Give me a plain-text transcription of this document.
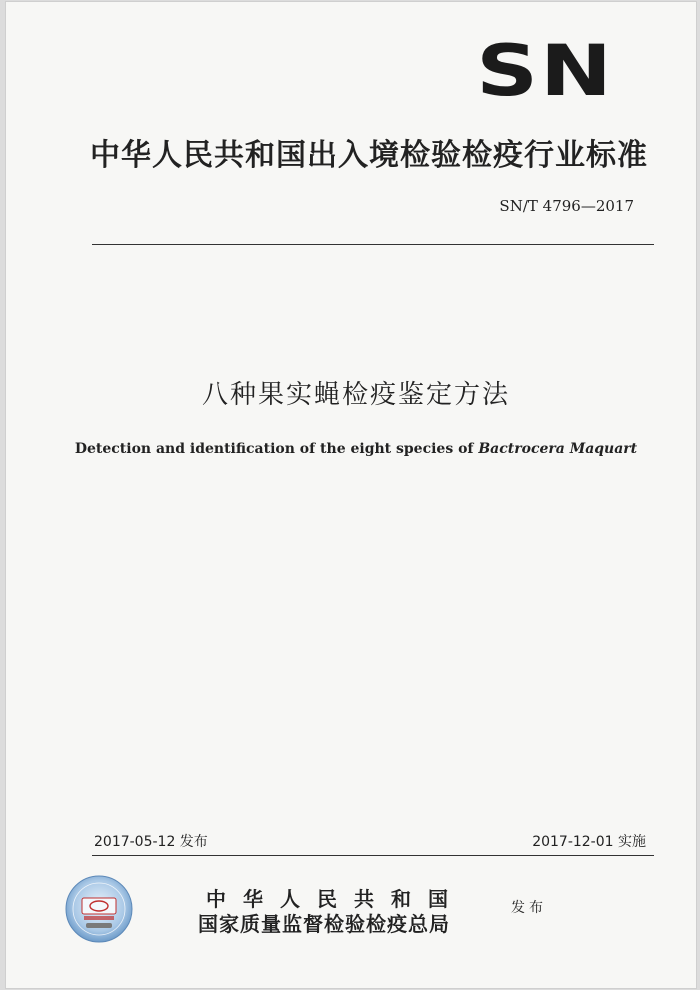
SN
中华人民共和国出入境检验检疫行业标准
SN/T 4796—2017
八种果实蝇检疫鉴定方法
Detection and identification of the eight species of Bactrocera Maquart
2017-05-12 发布	2017-12-01 实施
中华人民共和国
国家质量监督检验检疫总局
发布
